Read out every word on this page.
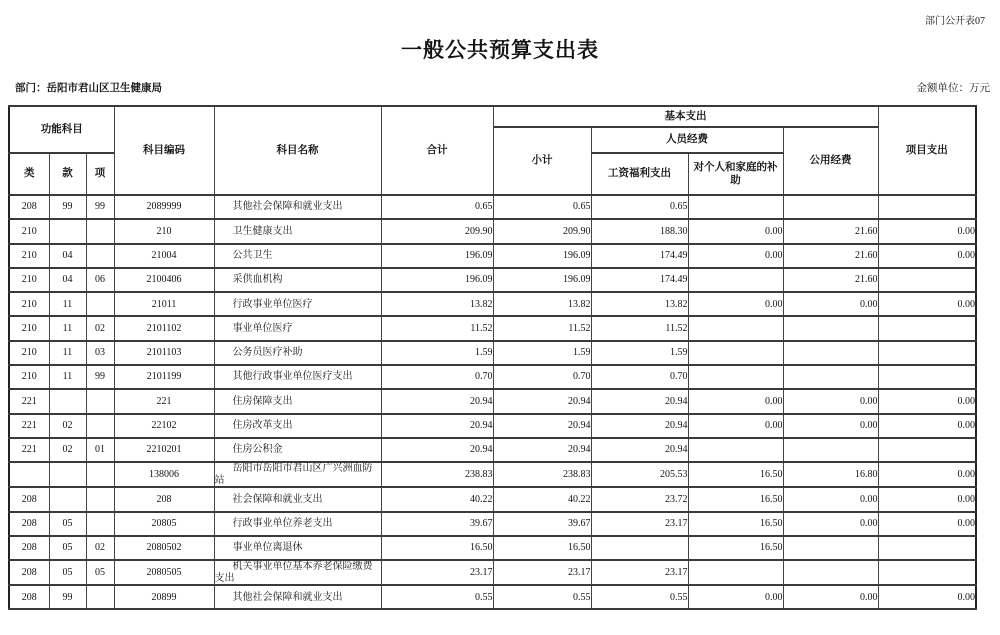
部门公开表07
一般公共预算支出表
部门：岳阳市君山区卫生健康局	金额单位：万元
功能科目			科目编码	科目名称	合计	基本支出				项目支出
						小计	人员经费		公用经费	
类	款	项					工资福利支出	对个人和家庭的补助		
208	99	99	2089999	其他社会保障和就业支出	0.65	0.65	0.65			
210			210	卫生健康支出	209.90	209.90	188.30	0.00	21.60	0.00
210	04		21004	公共卫生	196.09	196.09	174.49	0.00	21.60	0.00
210	04	06	2100406	采供血机构	196.09	196.09	174.49		21.60	
210	11		21011	行政事业单位医疗	13.82	13.82	13.82	0.00	0.00	0.00
210	11	02	2101102	事业单位医疗	11.52	11.52	11.52			
210	11	03	2101103	公务员医疗补助	1.59	1.59	1.59			
210	11	99	2101199	其他行政事业单位医疗支出	0.70	0.70	0.70			
221			221	住房保障支出	20.94	20.94	20.94	0.00	0.00	0.00
221	02		22102	住房改革支出	20.94	20.94	20.94	0.00	0.00	0.00
221	02	01	2210201	住房公积金	20.94	20.94	20.94			
			138006	岳阳市岳阳市君山区广兴洲血防站	238.83	238.83	205.53	16.50	16.80	0.00
208			208	社会保障和就业支出	40.22	40.22	23.72	16.50	0.00	0.00
208	05		20805	行政事业单位养老支出	39.67	39.67	23.17	16.50	0.00	0.00
208	05	02	2080502	事业单位离退休	16.50	16.50		16.50		
208	05	05	2080505	机关事业单位基本养老保险缴费支出	23.17	23.17	23.17			
208	99		20899	其他社会保障和就业支出	0.55	0.55	0.55	0.00	0.00	0.00
